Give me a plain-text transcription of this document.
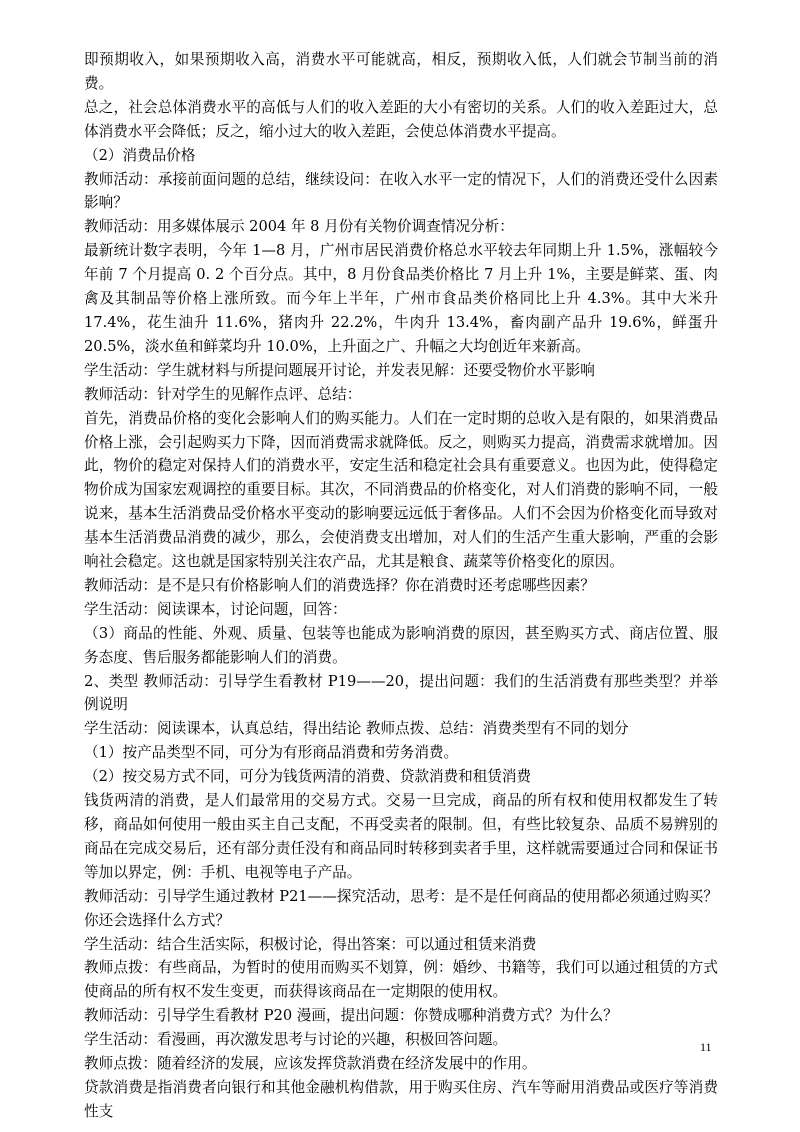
即预期收入，如果预期收入高，消费水平可能就高，相反，预期收入低，人们就会节制当前的消费。

总之，社会总体消费水平的高低与人们的收入差距的大小有密切的关系。人们的收入差距过大，总体消费水平会降低；反之，缩小过大的收入差距，会使总体消费水平提高。

（2）消费品价格

教师活动：承接前面问题的总结，继续设问：在收入水平一定的情况下，人们的消费还受什么因素影响？

教师活动：用多媒体展示 2004 年 8 月份有关物价调查情况分析：

最新统计数字表明，今年 1—8 月，广州市居民消费价格总水平较去年同期上升 1.5%，涨幅较今年前 7 个月提高 0. 2 个百分点。其中，8 月份食品类价格比 7 月上升 1%，主要是鲜菜、蛋、肉禽及其制品等价格上涨所致。而今年上半年，广州市食品类价格同比上升 4.3%。其中大米升 17.4%，花生油升 11.6%，猪肉升 22.2%，牛肉升 13.4%，畜肉副产品升 19.6%，鲜蛋升 20.5%，淡水鱼和鲜菜均升 10.0%，上升面之广、升幅之大均创近年来新高。

学生活动：学生就材料与所提问题展开讨论，并发表见解：还要受物价水平影响

教师活动：针对学生的见解作点评、总结：

首先，消费品价格的变化会影响人们的购买能力。人们在一定时期的总收入是有限的，如果消费品价格上涨，会引起购买力下降，因而消费需求就降低。反之，则购买力提高，消费需求就增加。因此，物价的稳定对保持人们的消费水平，安定生活和稳定社会具有重要意义。也因为此，使得稳定物价成为国家宏观调控的重要目标。其次，不同消费品的价格变化，对人们消费的影响不同，一般说来，基本生活消费品受价格水平变动的影响要远远低于奢侈品。人们不会因为价格变化而导致对基本生活消费品消费的减少，那么，会使消费支出增加，对人们的生活产生重大影响，严重的会影响社会稳定。这也就是国家特别关注农产品，尤其是粮食、蔬菜等价格变化的原因。

教师活动：是不是只有价格影响人们的消费选择？你在消费时还考虑哪些因素？

学生活动：阅读课本，讨论问题，回答：

（3）商品的性能、外观、质量、包装等也能成为影响消费的原因，甚至购买方式、商店位置、服务态度、售后服务都能影响人们的消费。

2、类型 教师活动：引导学生看教材 P19——20，提出问题：我们的生活消费有那些类型？并举例说明

学生活动：阅读课本，认真总结，得出结论 教师点拨、总结：消费类型有不同的划分

（1）按产品类型不同，可分为有形商品消费和劳务消费。

（2）按交易方式不同，可分为钱货两清的消费、贷款消费和租赁消费

钱货两清的消费，是人们最常用的交易方式。交易一旦完成，商品的所有权和使用权都发生了转移，商品如何使用一般由买主自己支配，不再受卖者的限制。但，有些比较复杂、品质不易辨别的商品在完成交易后，还有部分责任没有和商品同时转移到卖者手里，这样就需要通过合同和保证书等加以界定，例：手机、电视等电子产品。

教师活动：引导学生通过教材 P21——探究活动，思考：是不是任何商品的使用都必须通过购买？你还会选择什么方式？

学生活动：结合生活实际，积极讨论，得出答案：可以通过租赁来消费

教师点拨：有些商品，为暂时的使用而购买不划算，例：婚纱、书籍等，我们可以通过租赁的方式使商品的所有权不发生变更，而获得该商品在一定期限的使用权。

教师活动：引导学生看教材 P20 漫画，提出问题：你赞成哪种消费方式？为什么？

学生活动：看漫画，再次激发思考与讨论的兴趣，积极回答问题。

教师点拨：随着经济的发展，应该发挥贷款消费在经济发展中的作用。

贷款消费是指消费者向银行和其他金融机构借款，用于购买住房、汽车等耐用消费品或医疗等消费性支

11
